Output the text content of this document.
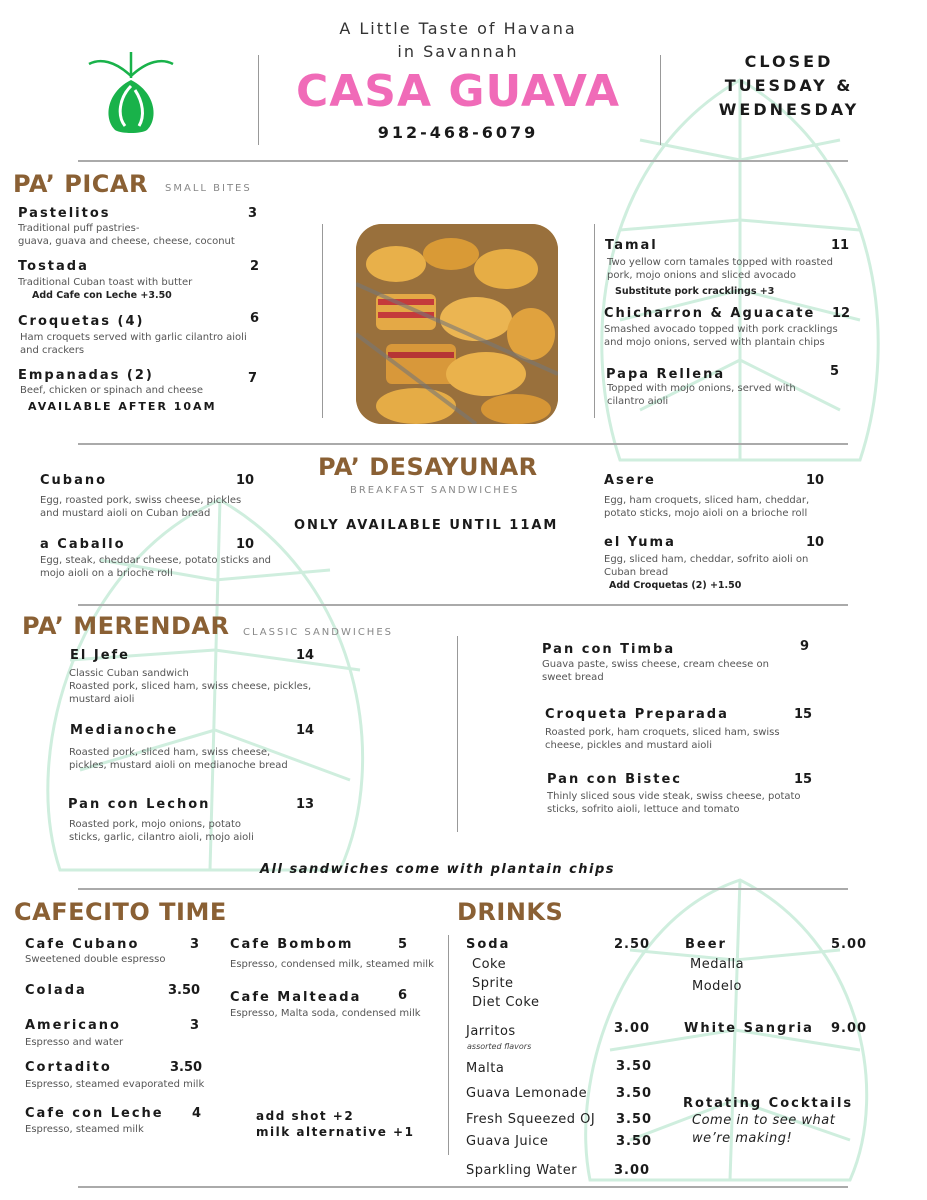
A Little Taste of Havana
in Savannah
CASA GUAVA
912-468-6079
CLOSED
TUESDAY &
WEDNESDAY
PA’ PICAR SMALL BITES
Pastelitos	3
Traditional puff pastries-
guava, guava and cheese, cheese, coconut
Tostada	2
Traditional Cuban toast with butter
Add Cafe con Leche +3.50
Croquetas (4)	6
Ham croquets served with garlic cilantro aioli
and crackers
Empanadas (2)	7
Beef, chicken or spinach and cheese
AVAILABLE AFTER 10AM
Tamal	11
Two yellow corn tamales topped with roasted
pork, mojo onions and sliced avocado
Substitute pork cracklings +3
Chicharron & Aguacate 12
Smashed avocado topped with pork cracklings
and mojo onions, served with plantain chips
Papa Rellena	5
Topped with mojo onions, served with
cilantro aioli
PA’ DESAYUNAR
BREAKFAST SANDWICHES
ONLY AVAILABLE UNTIL 11AM
Cubano	10
Egg, roasted pork, swiss cheese, pickles
and mustard aioli on Cuban bread
a Caballo	10
Egg, steak, cheddar cheese, potato sticks and
mojo aioli on a brioche roll
Asere	10
Egg, ham croquets, sliced ham, cheddar,
potato sticks, mojo aioli on a brioche roll
el Yuma	10
Egg, sliced ham, cheddar, sofrito aioli on
Cuban bread
Add Croquetas (2) +1.50
PA’ MERENDAR CLASSIC SANDWICHES
El Jefe	14
Classic Cuban sandwich
Roasted pork, sliced ham, swiss cheese, pickles,
mustard aioli
Medianoche	14
Roasted pork, sliced ham, swiss cheese,
pickles, mustard aioli on medianoche bread
Pan con Lechon	13
Roasted pork, mojo onions, potato
sticks, garlic, cilantro aioli, mojo aioli
Pan con Timba	9
Guava paste, swiss cheese, cream cheese on
sweet bread
Croqueta Preparada	15
Roasted pork, ham croquets, sliced ham, swiss
cheese, pickles and mustard aioli
Pan con Bistec	15
Thinly sliced sous vide steak, swiss cheese, potato
sticks, sofrito aioli, lettuce and tomato
All sandwiches come with plantain chips
CAFECITO TIME
Cafe Cubano	3
Sweetened double espresso
Colada	3.50
Americano	3
Espresso and water
Cortadito	3.50
Espresso, steamed evaporated milk
Cafe con Leche 4
Espresso, steamed milk
Cafe Bombom	5
Espresso, condensed milk, steamed milk
Cafe Malteada	6
Espresso, Malta soda, condensed milk
add shot +2
milk alternative +1
DRINKS
Soda	2.50
Coke
Sprite
Diet Coke
Jarritos	3.00
assorted flavors
Malta	3.50
Guava Lemonade 3.50
Fresh Squeezed OJ 3.50
Guava Juice	3.50
Sparkling Water	3.00
Beer	5.00
Medalla
Modelo
White Sangria 9.00
Rotating Cocktails
Come in to see what
we’re making!
